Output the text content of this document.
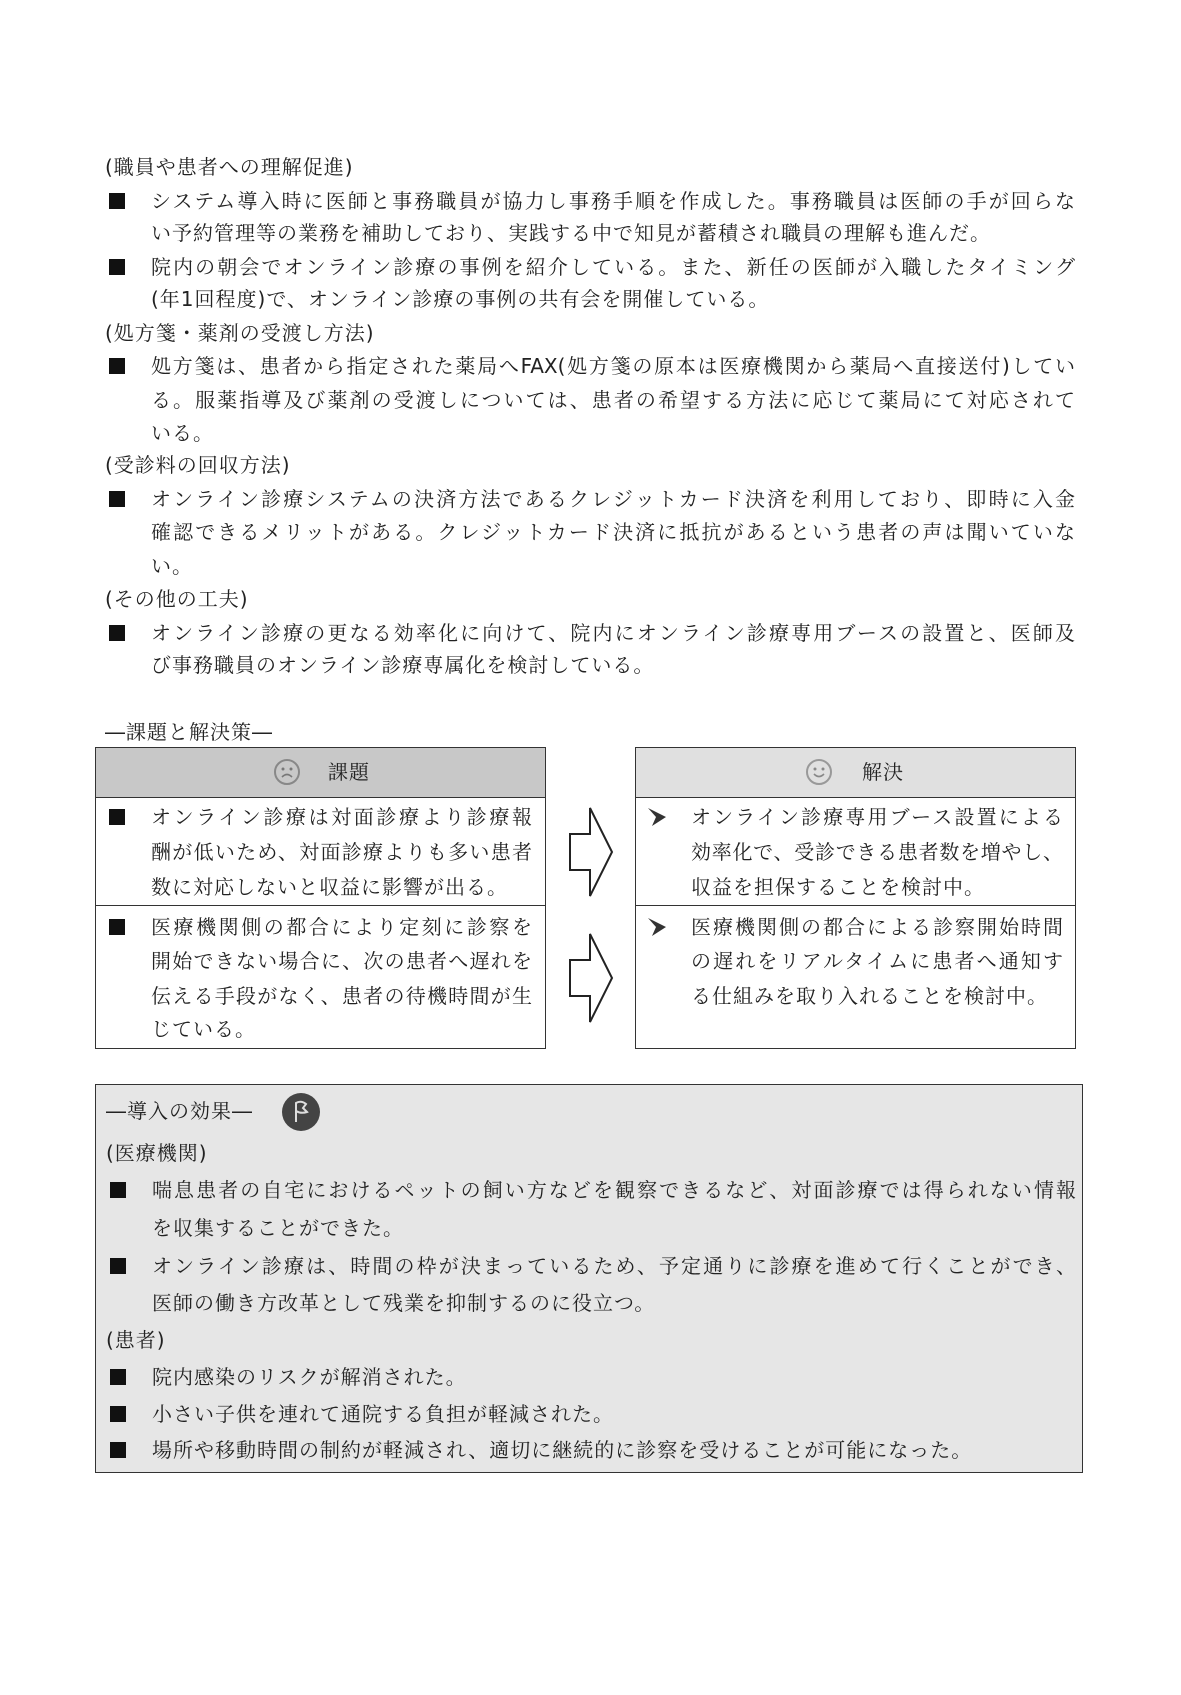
(職員や患者への理解促進)
システム導入時に医師と事務職員が協力し事務手順を作成した。事務職員は医師の手が回らな
い予約管理等の業務を補助しており、実践する中で知見が蓄積され職員の理解も進んだ。
院内の朝会でオンライン診療の事例を紹介している。また、新任の医師が入職したタイミング
(年1回程度)で、オンライン診療の事例の共有会を開催している。
(処方箋・薬剤の受渡し方法)
処方箋は、患者から指定された薬局へFAX(処方箋の原本は医療機関から薬局へ直接送付)してい
る。服薬指導及び薬剤の受渡しについては、患者の希望する方法に応じて薬局にて対応されて
いる。
(受診料の回収方法)
オンライン診療システムの決済方法であるクレジットカード決済を利用しており、即時に入金
確認できるメリットがある。クレジットカード決済に抵抗があるという患者の声は聞いていな
い。
(その他の工夫)
オンライン診療の更なる効率化に向けて、院内にオンライン診療専用ブースの設置と、医師及
び事務職員のオンライン診療専属化を検討している。
―課題と解決策―
課題
オンライン診療は対面診療より診療報
酬が低いため、対面診療よりも多い患者
数に対応しないと収益に影響が出る。
医療機関側の都合により定刻に診察を
開始できない場合に、次の患者へ遅れを
伝える手段がなく、患者の待機時間が生
じている。
解決
オンライン診療専用ブース設置による
効率化で、受診できる患者数を増やし、
収益を担保することを検討中。
医療機関側の都合による診察開始時間
の遅れをリアルタイムに患者へ通知す
る仕組みを取り入れることを検討中。
―導入の効果―
(医療機関)
喘息患者の自宅におけるペットの飼い方などを観察できるなど、対面診療では得られない情報
を収集することができた。
オンライン診療は、時間の枠が決まっているため、予定通りに診療を進めて行くことができ、
医師の働き方改革として残業を抑制するのに役立つ。
(患者)
院内感染のリスクが解消された。
小さい子供を連れて通院する負担が軽減された。
場所や移動時間の制約が軽減され、適切に継続的に診察を受けることが可能になった。
